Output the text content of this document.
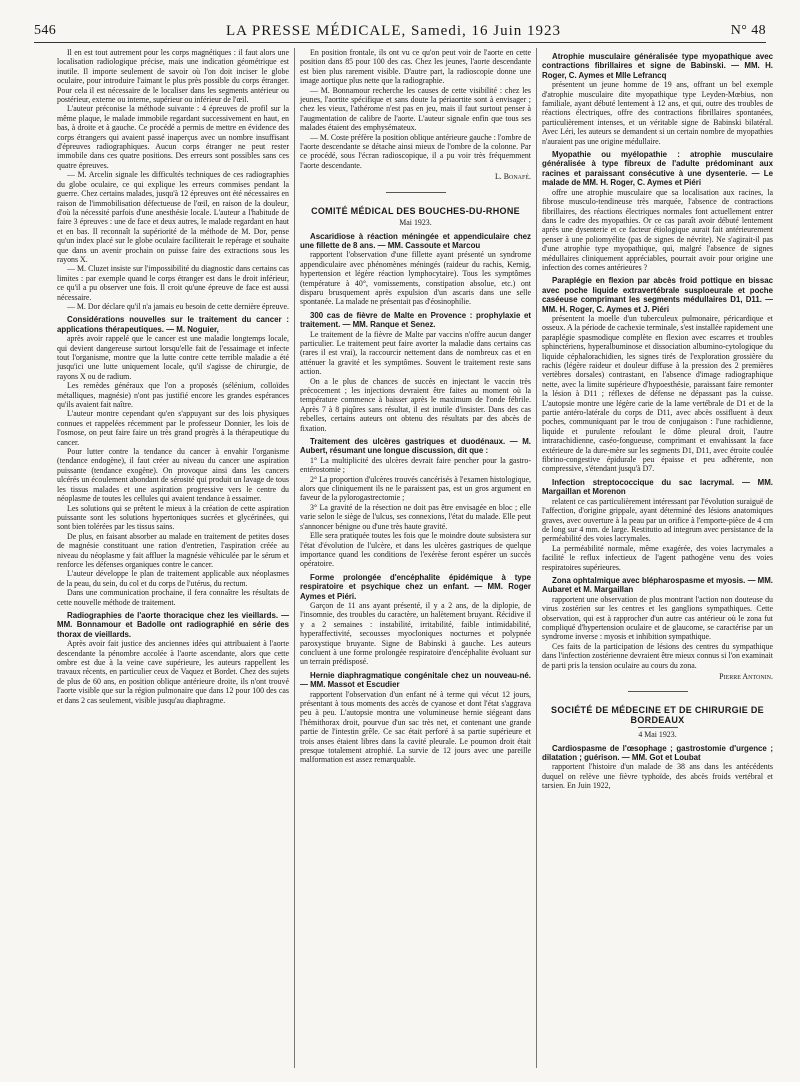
546	LA PRESSE MÉDICALE, Samedi, 16 Juin 1923	N° 48

Il en est tout autrement pour les corps magnétiques : il faut alors une localisation radiologique précise, mais une indication géométrique est inutile. Il importe seulement de savoir où l'on doit inciser le globe oculaire, pour introduire l'aimant le plus près possible du corps étranger. Pour cela il est nécessaire de le localiser dans les segments antérieur ou postérieur, externe ou interne, supérieur ou inférieur de l'œil.

L'auteur préconise la méthode suivante : 4 épreuves de profil sur la même plaque, le malade immobile regardant successivement en haut, en bas, à droite et à gauche. Ce procédé a permis de mettre en évidence des corps étrangers qui avaient passé inaperçus avec un nombre insuffisant d'épreuves radiographiques. Aucun corps étranger ne peut rester immobile dans ces quatre positions. Des erreurs sont possibles sans ces quatre épreuves.

— M. Arcelin signale les difficultés techniques de ces radiographies du globe oculaire, ce qui explique les erreurs commises pendant la guerre. Chez certains malades, jusqu'à 12 épreuves ont été nécessaires en raison de l'immobilisation défectueuse de l'œil, en raison de la douleur, d'où la nécessité parfois d'une anesthésie locale. L'auteur a l'habitude de faire 3 épreuves : une de face et deux autres, le malade regardant en haut et en bas. Il reconnaît la supériorité de la méthode de M. Dor, pense qu'un index placé sur le globe oculaire faciliterait le repérage et souhaite que dans un avenir prochain on puisse faire des extractions sous les rayons X.

— M. Cluzet insiste sur l'impossibilité du diagnostic dans certains cas limites : par exemple quand le corps étranger est dans le droit inférieur, ce qu'il a pu observer une fois. Il croit qu'une épreuve de face est aussi nécessaire.

— M. Dor déclare qu'il n'a jamais eu besoin de cette dernière épreuve.

Considérations nouvelles sur le traitement du cancer : applications thérapeutiques. — M. Noguier,

après avoir rappelé que le cancer est une maladie longtemps locale, qui devient dangereuse surtout lorsqu'elle fait de l'essaimage et infecte tout l'organisme, montre que la lutte contre cette terrible maladie a été jusqu'ici une lutte uniquement locale, qu'il s'agisse de chirurgie, de rayons X ou de radium.

Les remèdes généraux que l'on a proposés (sélénium, colloïdes métalliques, magnésie) n'ont pas justifié encore les grandes espérances qu'ils avaient fait naître.

L'auteur montre cependant qu'en s'appuyant sur des lois physiques connues et rappelées récemment par le professeur Donnier, les lois de l'osmose, on peut faire faire un très grand progrès à la thérapeutique du cancer.

Pour lutter contre la tendance du cancer à envahir l'organisme (tendance endogène), il faut créer au niveau du cancer une aspiration puissante (tendance exogène). On provoque ainsi dans les cancers ulcérés un écoulement abondant de sérosité qui produit un lavage de tous les tissus malades et une aspiration progressive vers le centre du néoplasme de toutes les cellules qui avaient tendance à essaimer.

Les solutions qui se prêtent le mieux à la création de cette aspiration puissante sont les solutions hypertoniques sucrées et glycérinées, qui sont bien tolérées par les tissus sains.

De plus, en faisant absorber au malade en traitement de petites doses de magnésie constituant une ration d'entretien, l'aspiration créée au niveau du néoplasme y fait affluer la magnésie véhiculée par le sérum et renforce les défenses organiques contre le cancer.

L'auteur développe le plan de traitement applicable aux néoplasmes de la peau, du sein, du col et du corps de l'utérus, du rectum.

Dans une communication prochaine, il fera connaître les résultats de cette nouvelle méthode de traitement.

Radiographies de l'aorte thoracique chez les vieillards. — MM. Bonnamour et Badolle ont radiographié en série des thorax de vieillards.

Après avoir fait justice des anciennes idées qui attribuaient à l'aorte descendante la pénombre accolée à l'aorte ascendante, alors que cette ombre est due à la veine cave supérieure, les auteurs rappellent les travaux récents, en particulier ceux de Vaquez et Bordet. Chez des sujets de plus de 60 ans, en position oblique antérieure droite, ils n'ont trouvé l'aorte visible que sur la région pulmonaire que dans 12 pour 100 des cas et dans 2 cas seulement, visible jusqu'au diaphragme.

En position frontale, ils ont vu ce qu'on peut voir de l'aorte en cette position dans 85 pour 100 des cas. Chez les jeunes, l'aorte descendante est bien plus rarement visible. D'autre part, la radioscopie donne une image aortique plus nette que la radiographie.

— M. Bonnamour recherche les causes de cette visibilité : chez les jeunes, l'aortite spécifique et sans doute la périaortite sont à envisager ; chez les vieux, l'athérome n'est pas en jeu, mais il faut surtout penser à l'augmentation de calibre de l'aorte. L'auteur signale enfin que tous ses malades étaient des emphysémateux.

— M. Coste préfère la position oblique antérieure gauche : l'ombre de l'aorte descendante se détache ainsi mieux de l'ombre de la colonne. Par ce procédé, sous l'écran radioscopique, il a pu voir très fréquemment l'aorte descendante.

L. Bonafé.

COMITÉ MÉDICAL DES BOUCHES-DU-RHONE

Mai 1923.

Ascaridiose à réaction méningée et appendiculaire chez une fillette de 8 ans. — MM. Cassoute et Marcou

rapportent l'observation d'une fillette ayant présenté un syndrome appendiculaire avec phénomènes méningés (raideur du rachis, Kernig, hypertension et légère réaction lymphocytaire). Tous les symptômes (température à 40°, vomissements, constipation absolue, etc.) ont disparu brusquement après expulsion d'un ascaris dans une selle spontanée. La malade ne présentait pas d'éosinophilie.

300 cas de fièvre de Malte en Provence : prophylaxie et traitement. — MM. Ranque et Senez.

Le traitement de la fièvre de Malte par vaccins n'offre aucun danger particulier. Le traitement peut faire avorter la maladie dans certains cas (rares il est vrai), la raccourcir nettement dans de nombreux cas et en atténuer la gravité et les symptômes. Souvent le traitement reste sans action.

On a le plus de chances de succès en injectant le vaccin très précocement ; les injections devraient être faites au moment où la température commence à baisser après le maximum de l'onde fébrile. Après 7 à 8 piqûres sans résultat, il est inutile d'insister. Dans des cas rebelles, certains auteurs ont obtenu des résultats par des abcès de fixation.

Traitement des ulcères gastriques et duodénaux. — M. Aubert, résumant une longue discussion, dit que :

1° La multiplicité des ulcères devrait faire pencher pour la gastro-entérostomie ;

2° La proportion d'ulcères trouvés cancérisés à l'examen histologique, alors que cliniquement ils ne le paraissent pas, est un gros argument en faveur de la pylorogastrectomie ;

3° La gravité de la résection ne doit pas être envisagée en bloc ; elle varie selon le siège de l'ulcus, ses connexions, l'état du malade. Elle peut s'annoncer bénigne ou d'une très haute gravité.

Elle sera pratiquée toutes les fois que le moindre doute subsistera sur l'état d'évolution de l'ulcère, et dans les ulcères gastriques de quelque importance quand les conditions de l'exérèse feront espérer un succès opératoire.

Forme prolongée d'encéphalite épidémique à type respiratoire et psychique chez un enfant. — MM. Roger Aymes et Piéri.

Garçon de 11 ans ayant présenté, il y a 2 ans, de la diplopie, de l'insomnie, des troubles du caractère, un halètement bruyant. Récidive il y a 2 semaines : instabilité, irritabilité, faible intimidabilité, hyperaffectivité, secousses myocloniques nocturnes et polypnée paroxystique bruyante. Signe de Babinski à gauche. Les auteurs concluent à une forme prolongée respiratoire d'encéphalite évoluant sur un terrain prédisposé.

Hernie diaphragmatique congénitale chez un nouveau-né. — MM. Massot et Escudier

rapportent l'observation d'un enfant né à terme qui vécut 12 jours, présentant à tous moments des accès de cyanose et dont l'état s'aggrava peu à peu. L'autopsie montra une volumineuse hernie siégeant dans l'hémithorax droit, pourvue d'un sac très net, et contenant une grande partie de l'intestin grêle. Ce sac était perforé à sa partie supérieure et trois anses étaient libres dans la cavité pleurale. Le poumon droit était presque totalement atrophié. La survie de 12 jours avec une pareille malformation est assez remarquable.

Atrophie musculaire généralisée type myopathique avec contractions fibrillaires et signe de Babinski. — MM. H. Roger, C. Aymes et Mlle Lefrancq

présentent un jeune homme de 19 ans, offrant un bel exemple d'atrophie musculaire dite myopathique type Leyden-Mœbius, non familiale, ayant débuté lentement à 12 ans, et qui, outre des troubles de réactions électriques, offre des contractions fibrillaires spontanées, particulièrement intenses, et un véritable signe de Babinski bilatéral. Avec Léri, les auteurs se demandent si un certain nombre de myopathies n'auraient pas une origine médullaire.

Myopathie ou myélopathie : atrophie musculaire généralisée à type fibreux de l'adulte prédominant aux racines et paraissant consécutive à une dysenterie. — Le malade de MM. H. Roger, C. Aymes et Piéri

offre une atrophie musculaire que sa localisation aux racines, la fibrose musculo-tendineuse très marquée, l'absence de contractions fibrillaires, des réactions électriques normales font actuellement entrer dans le cadre des myopathies. Or ce cas paraît avoir débuté lentement après une dysenterie et ce facteur étiologique aurait fait antérieurement penser à une poliomyélite (pas de signes de névrite). Ne s'agirait-il pas d'une atrophie type myopathique, qui, malgré l'absence de signes médullaires cliniquement appréciables, pourrait avoir pour origine une infection des cornes antérieures ?

Paraplégie en flexion par abcès froid pottique en bissac avec poche liquide extravertébrale susploeurale et poche caséeuse comprimant les segments médullaires D1, D11. — MM. H. Roger, C. Aymes et J. Piéri

présentent la moelle d'un tuberculeux pulmonaire, péricardique et osseux. A la période de cachexie terminale, s'est installée rapidement une paraplégie spasmodique complète en flexion avec escarres et troubles sphinctériens, hyperalbuminose et dissociation albumino-cytologique du liquide céphalorachidien, les signes tirés de l'exploration grossière du rachis (légère raideur et douleur diffuse à la pression des 2 premières vertèbres dorsales) contrastant, en l'absence d'image radiographique nette, avec la limite supérieure d'hypoesthésie, paraissant faire remonter la lésion à D11 ; réflexes de défense ne dépassant pas la cuisse. L'autopsie montre une légère carie de la lame vertébrale de D1 et de la partie antéro-latérale du corps de D11, avec abcès ossifluent à deux poches, communiquant par le trou de conjugaison : l'une rachidienne, liquide et purulente refoulant le dôme pleural droit, l'autre intrarachidienne, caséo-fongueuse, comprimant et envahissant la face extérieure de la dure-mère sur les segments D1, D11, avec étroite coulée fibrino-congestive épidurale peu épaisse et peu adhérente, non compressive, s'étendant jusqu'à D7.

Infection streptococcique du sac lacrymal. — MM. Margaillan et Morenon

relatent ce cas particulièrement intéressant par l'évolution suraiguë de l'affection, d'origine grippale, ayant déterminé des lésions anatomiques graves, avec ouverture à la peau par un orifice à l'emporte-pièce de 4 cm de long sur 4 mm. de large. Restitutio ad integrum avec persistance de la perméabilité des voies lacrymales.

La perméabilité normale, même exagérée, des voies lacrymales a facilité le reflux infectieux de l'agent pathogène venu des voies respiratoires supérieures.

Zona ophtalmique avec blépharospasme et myosis. — MM. Aubaret et M. Margaillan

rapportent une observation de plus montrant l'action non douteuse du virus zostérien sur les centres et les ganglions sympathiques. Cette observation, qui est à rapprocher d'un autre cas antérieur où le zona fut compliqué d'hypertension oculaire et de glaucome, se caractérise par un syndrome inverse : myosis et inhibition sympathique.

Ces faits de la participation de lésions des centres du sympathique dans l'infection zostérienne devraient être mieux connus si l'on examinait de parti pris la tension oculaire au cours du zona.

Pierre Antonin.

SOCIÉTÉ DE MÉDECINE ET DE CHIRURGIE DE BORDEAUX

4 Mai 1923.

Cardiospasme de l'œsophage ; gastrostomie d'urgence ; dilatation ; guérison. — MM. Got et Loubat

rapportent l'histoire d'un malade de 38 ans dans les antécédents duquel on relève une fièvre typhoïde, des abcès froids vertébral et tarsien. En Juin 1922,
